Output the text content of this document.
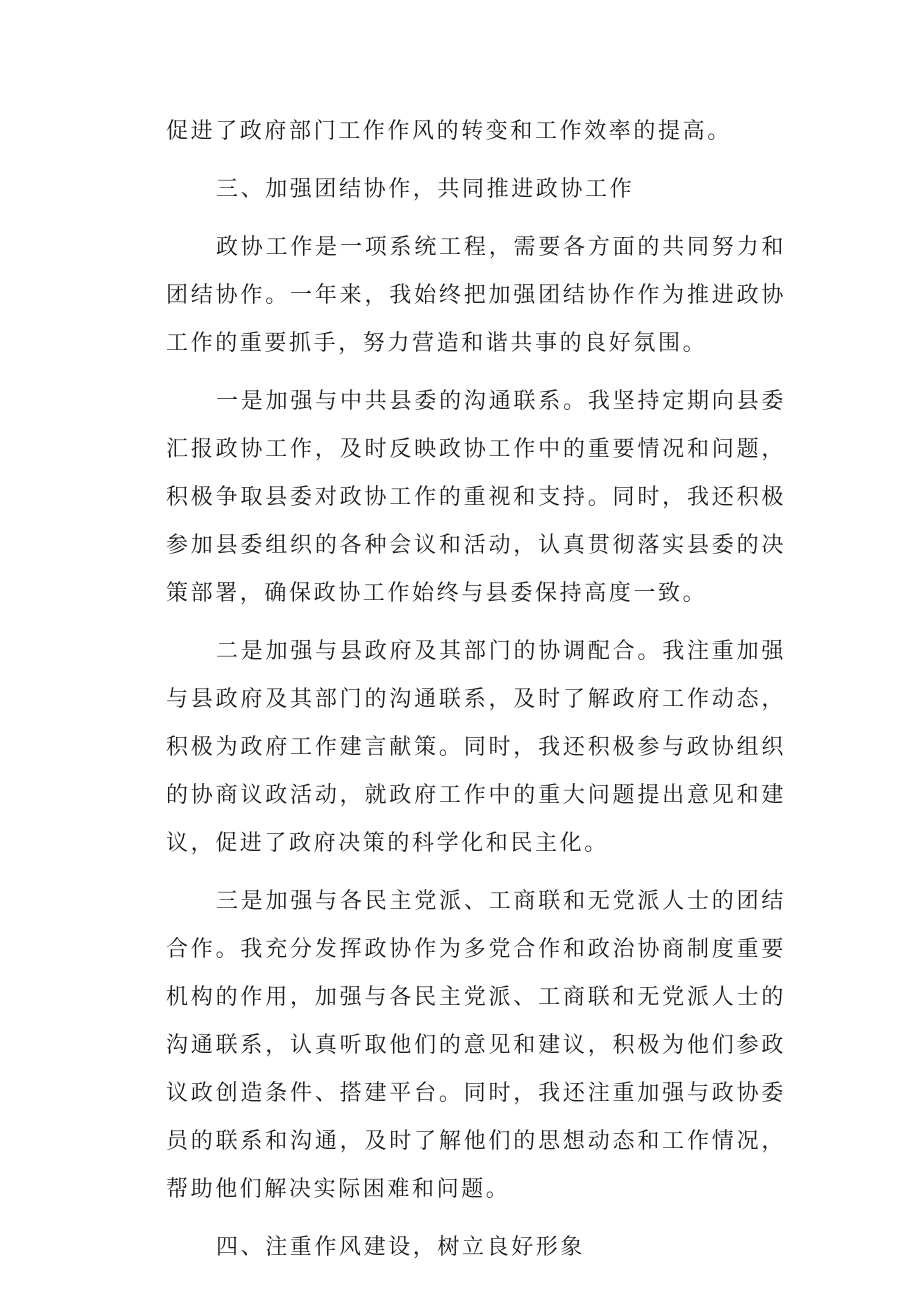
促进了政府部门工作作风的转变和工作效率的提高。

三、加强团结协作，共同推进政协工作

政协工作是一项系统工程，需要各方面的共同努力和团结协作。一年来，我始终把加强团结协作作为推进政协工作的重要抓手，努力营造和谐共事的良好氛围。

一是加强与中共县委的沟通联系。我坚持定期向县委汇报政协工作，及时反映政协工作中的重要情况和问题，积极争取县委对政协工作的重视和支持。同时，我还积极参加县委组织的各种会议和活动，认真贯彻落实县委的决策部署，确保政协工作始终与县委保持高度一致。

二是加强与县政府及其部门的协调配合。我注重加强与县政府及其部门的沟通联系，及时了解政府工作动态，积极为政府工作建言献策。同时，我还积极参与政协组织的协商议政活动，就政府工作中的重大问题提出意见和建议，促进了政府决策的科学化和民主化。

三是加强与各民主党派、工商联和无党派人士的团结合作。我充分发挥政协作为多党合作和政治协商制度重要机构的作用，加强与各民主党派、工商联和无党派人士的沟通联系，认真听取他们的意见和建议，积极为他们参政议政创造条件、搭建平台。同时，我还注重加强与政协委员的联系和沟通，及时了解他们的思想动态和工作情况，帮助他们解决实际困难和问题。

四、注重作风建设，树立良好形象
